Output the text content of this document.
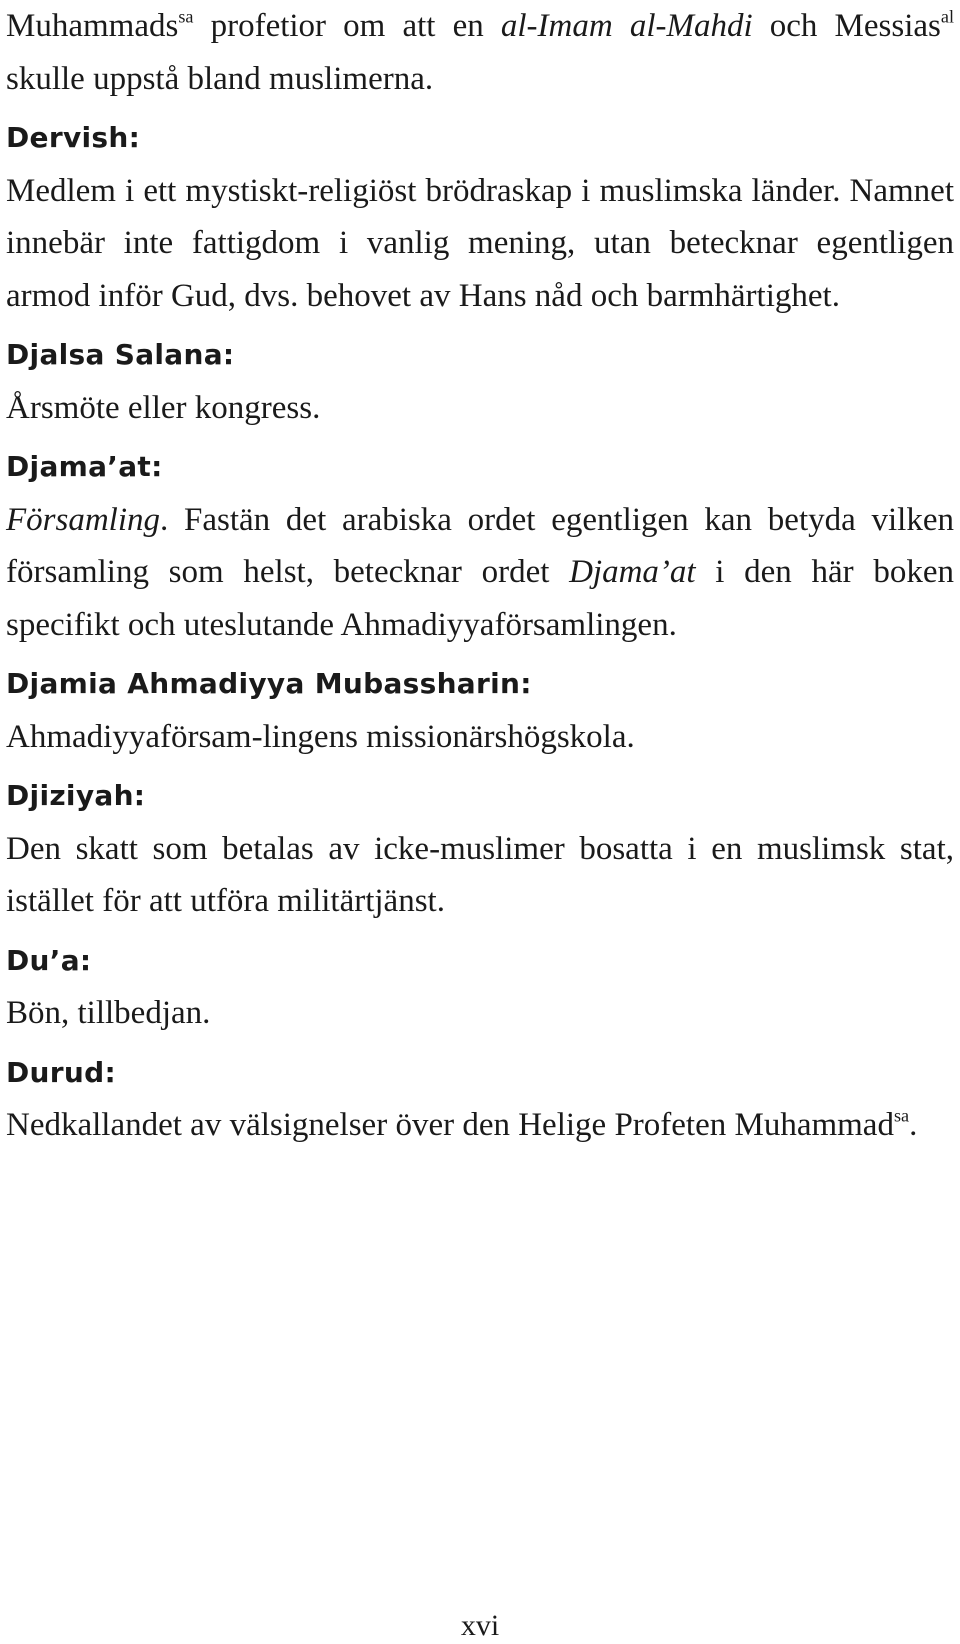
Muhammads$^{sa}$ profetior om att en al-Imam al-Mahdi och Messias$^{al}$ skulle uppstå bland muslimerna.

Dervish:

Medlem i ett mystiskt-religiöst brödraskap i muslimska länder. Namnet innebär inte fattigdom i vanlig mening, utan betecknar egentligen armod inför Gud, dvs. behovet av Hans nåd och barmhärtighet.

Djalsa Salana:

Årsmöte eller kongress.

Djama’at:

Församling. Fastän det arabiska ordet egentligen kan betyda vilken församling som helst, betecknar ordet Djama’at i den här boken specifikt och uteslutande Ahmadiyyaförsamlingen.

Djamia Ahmadiyya Mubassharin:

Ahmadiyyaförsam-lingens missionärshögskola.

Djiziyah:

Den skatt som betalas av icke-muslimer bosatta i en muslimsk stat, istället för att utföra militärtjänst.

Du’a:

Bön, tillbedjan.

Durud:

Nedkallandet av välsignelser över den Helige Profeten Muhammad$^{sa}$.

xvi
